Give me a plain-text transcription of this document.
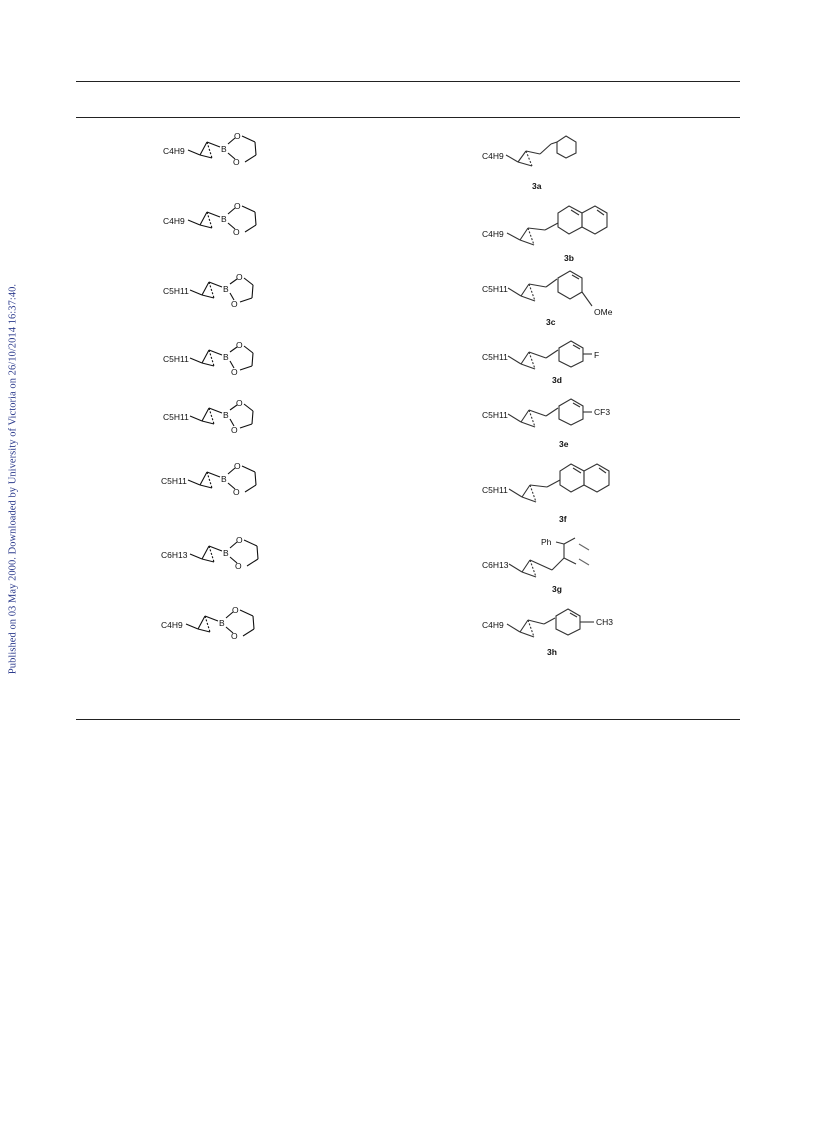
Published on 03 May 2000. Downloaded by University of Victoria on 26/10/2014 16:37:40.
C4H9	B
O
O
C4H9
3a
C4H9	B
O
O	C4H9
3b
C5H11	B
O
O
C5H11
OMe
3c
C5H11	B
O
O
C5H11	F
3d
C5H11	B
O
O
C5H11	CF3
3e
C5H11	B
O
O	C5H11
3f
C6H13	B
O
O
Ph
C6H13
3g
C4H9	B
O
O
C4H9	CH3
3h
